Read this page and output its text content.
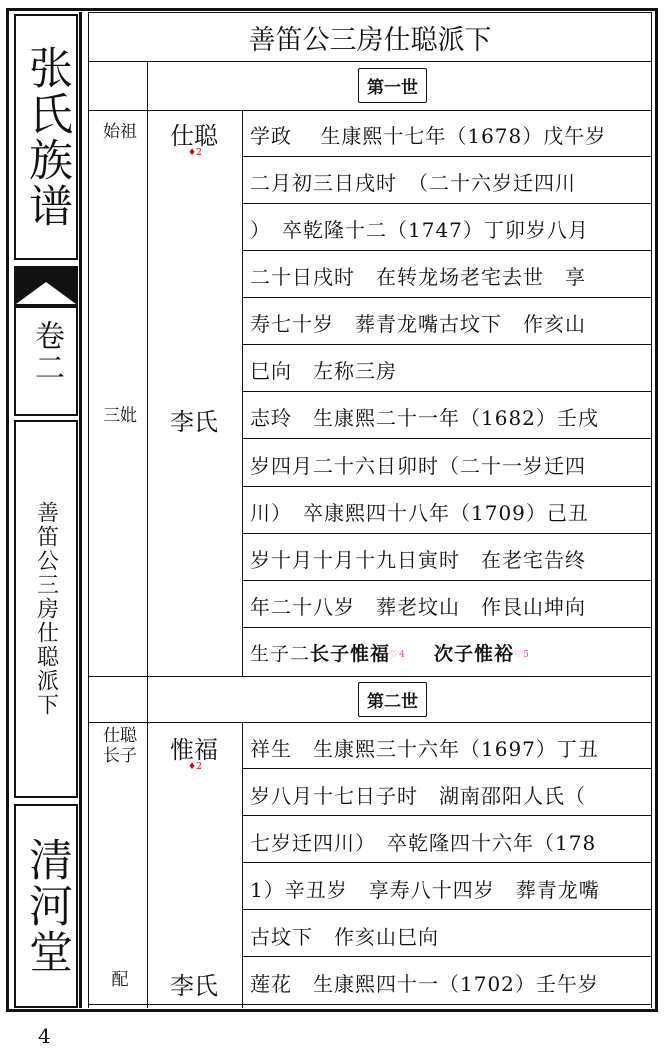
张氏族谱
卷二
善笛公三房仕聪派下
清河堂
善笛公三房仕聪派下
第一世
始祖 仕聪
♦2
学政　 生康熙十七年（1678）戊午岁
二月初三日戌时　（二十六岁迁四川
）　卒乾隆十二（1747）丁卯岁八月
二十日戌时　在转龙场老宅去世　享
寿七十岁　葬青龙嘴古坟下　作亥山
巳向　左称三房
三妣 李氏 志玲　生康熙二十一年（1682）壬戌
岁四月二十六日卯时（二十一岁迁四
川）　卒康熙四十八年（1709）己丑
岁十月十月十九日寅时　在老宅告终
年二十八岁　葬老坟山　作艮山坤向
生子二长子惟福♡4 次子惟裕♡5
第二世
仕聪
长子 惟福
♦2
祥生　生康熙三十六年（1697）丁丑
岁八月十七日子时　湖南邵阳人氏（
七岁迁四川）　卒乾隆四十六年（178
1）辛丑岁　享寿八十四岁　葬青龙嘴
古坟下　作亥山巳向
配	李氏 莲花　生康熙四十一（1702）壬午岁
4
